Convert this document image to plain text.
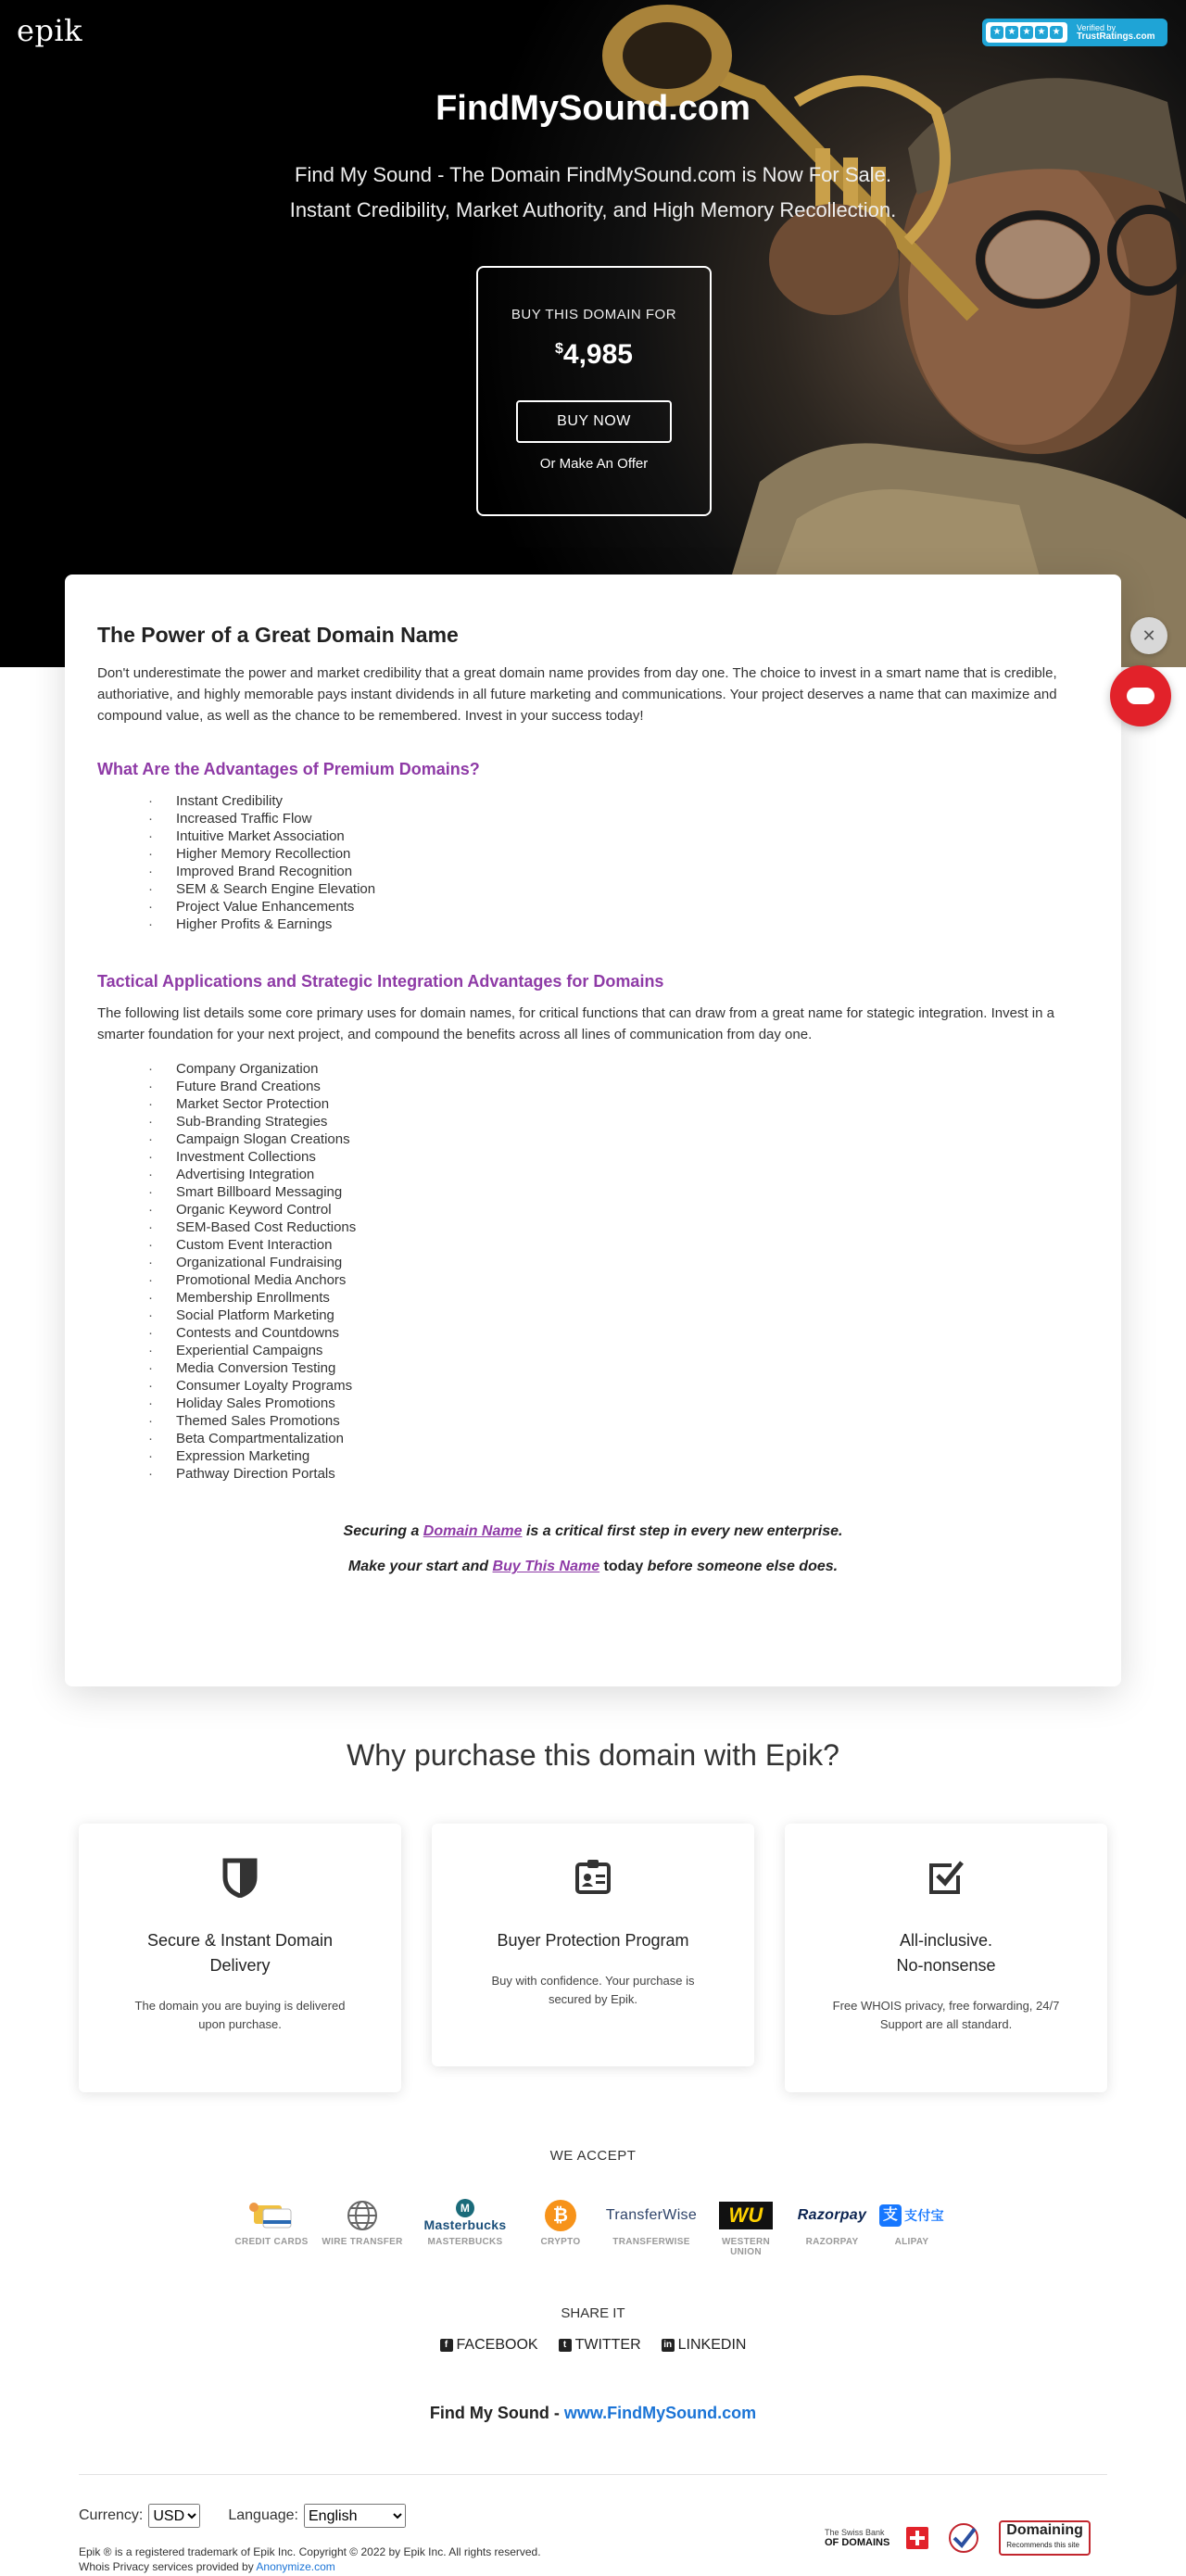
epik	★ ★ ★ ★ ★	Verified by
TrustRatings.com
FindMySound.com
Find My Sound - The Domain FindMySound.com is Now For Sale.
Instant Credibility, Market Authority, and High Memory Recollection.
BUY THIS DOMAIN FOR
$4,985
BUY NOW
Or Make An Offer
The Power of a Great Domain Name

Don't underestimate the power and market credibility that a great domain name provides from day one. The choice to invest in a smart name that is credible, authoriative, and highly memorable pays instant dividends in all future marketing and communications. Your project deserves a name that can maximize and compound value, as well as the chance to be remembered. Invest in your success today!

What Are the Advantages of Premium Domains?
· Instant Credibility
· Increased Traffic Flow
· Intuitive Market Association
· Higher Memory Recollection
· Improved Brand Recognition
· SEM & Search Engine Elevation
· Project Value Enhancements
· Higher Profits & Earnings
Tactical Applications and Strategic Integration Advantages for Domains

The following list details some core primary uses for domain names, for critical functions that can draw from a great name for stategic integration. Invest in a smarter foundation for your next project, and compound the benefits across all lines of communication from day one.

· Company Organization
· Future Brand Creations
· Market Sector Protection
· Sub-Branding Strategies
· Campaign Slogan Creations
· Investment Collections
· Advertising Integration
· Smart Billboard Messaging
· Organic Keyword Control
· SEM-Based Cost Reductions
· Custom Event Interaction
· Organizational Fundraising
· Promotional Media Anchors
· Membership Enrollments
· Social Platform Marketing
· Contests and Countdowns
· Experiential Campaigns
· Media Conversion Testing
· Consumer Loyalty Programs
· Holiday Sales Promotions
· Themed Sales Promotions
· Beta Compartmentalization
· Expression Marketing
· Pathway Direction Portals
Securing a Domain Name is a critical first step in every new enterprise.
Make your start and Buy This Name today before someone else does.
✕
Why purchase this domain with Epik?
Secure & Instant Domain Delivery

The domain you are buying is delivered upon purchase.

Buyer Protection Program

Buy with confidence. Your purchase is secured by Epik.

All-inclusive.
No-nonsense

Free WHOIS privacy, free forwarding, 24/7 Support are all standard.

WE ACCEPT
CREDIT CARDS WIRE TRANSFER
M
Masterbucks
MASTERBUCKS
₿
CRYPTO
TransferWise
TRANSFERWISE
WU
WESTERN UNION
Razorpay
RAZORPAY
支 支付宝
ALIPAY
SHARE IT
f FACEBOOK	t TWITTER in LINKEDIN
Find My Sound - www.FindMySound.com
Currency:
USD	Language:
English
Epik ® is a registered trademark of Epik Inc. Copyright © 2022 by Epik Inc. All rights reserved.
Whois Privacy services provided by Anonymize.com
The Swiss Bank
OF DOMAINS
Domaining
Recommends this site
